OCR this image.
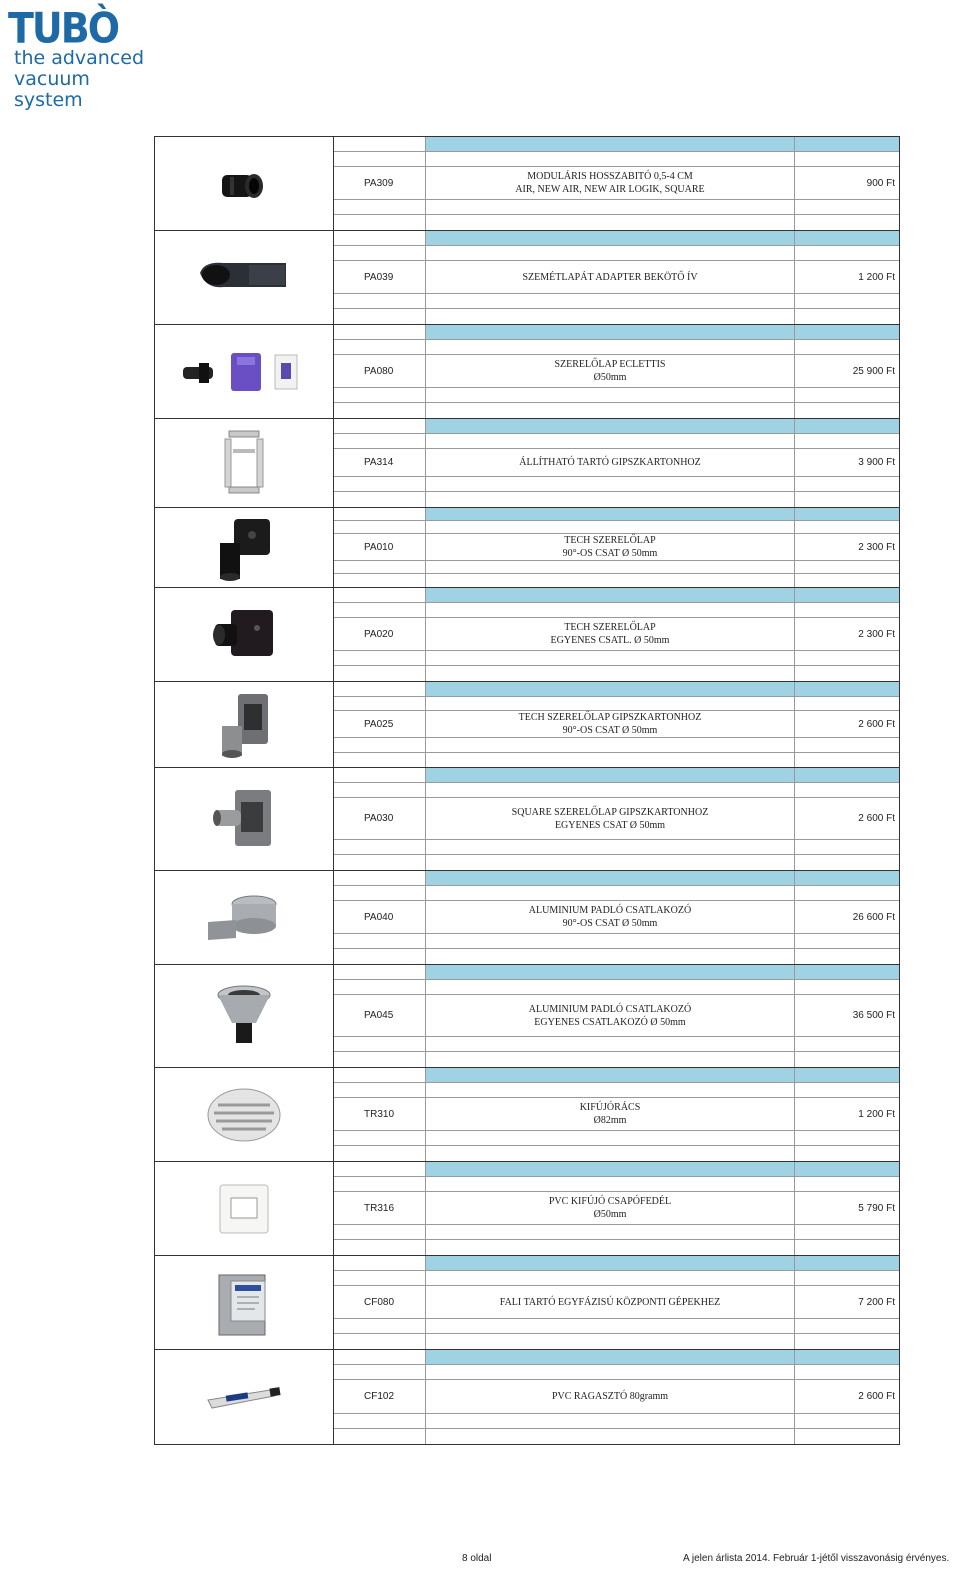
TUBÒ
the advanced
vacuum system
PA309
MODULÁRIS HOSSZABITÓ 0,5-4 CM
AIR, NEW AIR, NEW AIR LOGIK, SQUARE
900 Ft
PA039	SZEMÉTLAPÁT ADAPTER BEKÖTŐ ÍV	1 200 Ft
PA080
SZERELŐLAP ECLETTIS
Ø50mm
25 900 Ft
PA314	ÁLLÍTHATÓ TARTÓ GIPSZKARTONHOZ	3 900 Ft
PA010
TECH SZERELŐLAP
90°-OS CSAT Ø 50mm
2 300 Ft
PA020
TECH SZERELŐLAP
EGYENES CSATL. Ø 50mm
2 300 Ft
PA025
TECH SZERELŐLAP GIPSZKARTONHOZ
90°-OS CSAT Ø 50mm
2 600 Ft
PA030
SQUARE SZERELŐLAP GIPSZKARTONHOZ
EGYENES CSAT Ø 50mm
2 600 Ft
PA040
ALUMINIUM PADLÓ CSATLAKOZÓ
90°-OS CSAT Ø 50mm
26 600 Ft
PA045
ALUMINIUM PADLÓ CSATLAKOZÓ
EGYENES CSATLAKOZÓ Ø 50mm
36 500 Ft
TR310
KIFÚJÓRÁCS
Ø82mm
1 200 Ft
TR316
PVC KIFÚJÓ CSAPÓFEDÉL
Ø50mm
5 790 Ft
CF080	FALI TARTÓ EGYFÁZISÚ KÖZPONTI GÉPEKHEZ	7 200 Ft
CF102	PVC RAGASZTÓ 80gramm	2 600 Ft
8 oldal	A jelen árlista 2014. Február 1-jétől visszavonásig érvényes.
